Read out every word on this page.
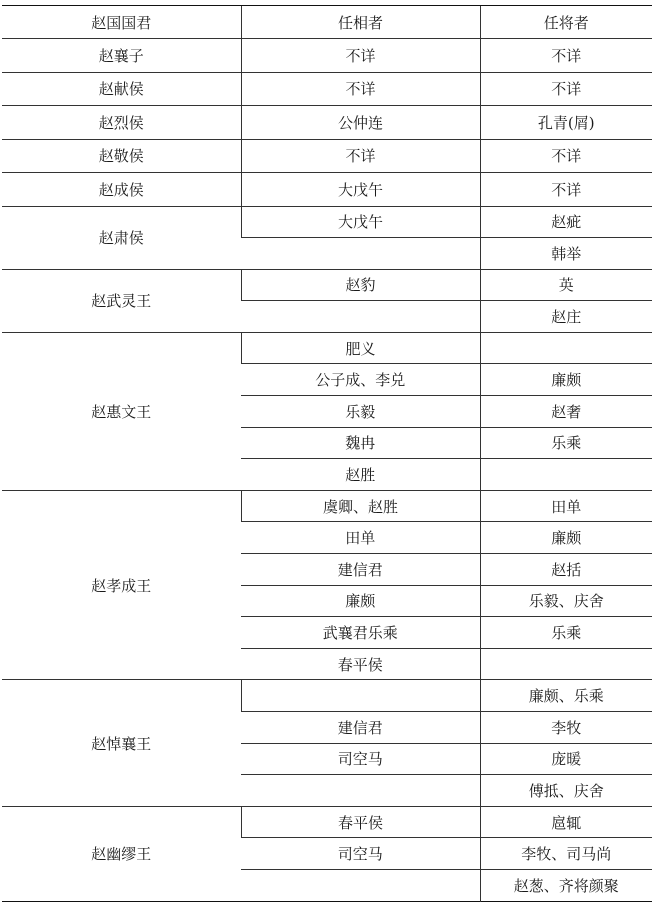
赵国国君	任相者	任将者
赵襄子	不详	不详
赵献侯	不详	不详
赵烈侯	公仲连	孔青(屑)
赵敬侯	不详	不详
赵成侯	大戊午	不详
赵肃侯	大戊午	赵疵
		韩举
赵武灵王	赵豹	英
		赵庄
赵惠文王	肥义	
	公子成、李兑	廉颇
	乐毅	赵奢
	魏冉	乐乘
	赵胜	
赵孝成王	虞卿、赵胜	田单
	田单	廉颇
	建信君	赵括
	廉颇	乐毅、庆舍
	武襄君乐乘	乐乘
	春平侯	
赵悼襄王		廉颇、乐乘
	建信君	李牧
	司空马	庞暖
		傅抵、庆舍
赵幽缪王	春平侯	扈辄
	司空马	李牧、司马尚
		赵葱、齐将颜聚
